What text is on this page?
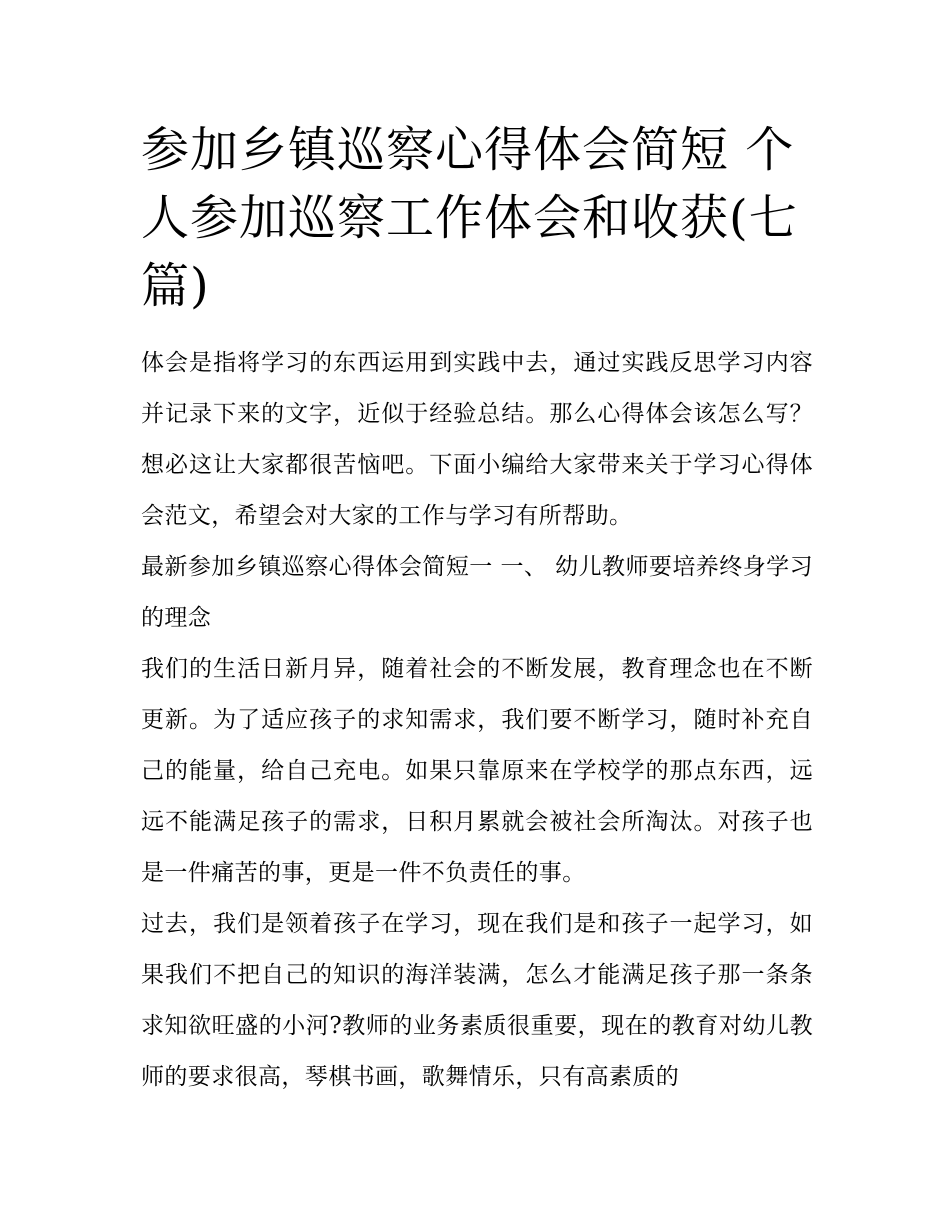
参加乡镇巡察心得体会简短 个人参加巡察工作体会和收获(七篇)

体会是指将学习的东西运用到实践中去，通过实践反思学习内容并记录下来的文字，近似于经验总结。那么心得体会该怎么写？想必这让大家都很苦恼吧。下面小编给大家带来关于学习心得体会范文，希望会对大家的工作与学习有所帮助。

最新参加乡镇巡察心得体会简短一 一、 幼儿教师要培养终身学习的理念

我们的生活日新月异，随着社会的不断发展，教育理念也在不断更新。为了适应孩子的求知需求，我们要不断学习，随时补充自己的能量，给自己充电。如果只靠原来在学校学的那点东西，远远不能满足孩子的需求，日积月累就会被社会所淘汰。对孩子也是一件痛苦的事，更是一件不负责任的事。

过去，我们是领着孩子在学习，现在我们是和孩子一起学习，如果我们不把自己的知识的海洋装满，怎么才能满足孩子那一条条求知欲旺盛的小河?教师的业务素质很重要，现在的教育对幼儿教师的要求很高，琴棋书画，歌舞情乐，只有高素质的
